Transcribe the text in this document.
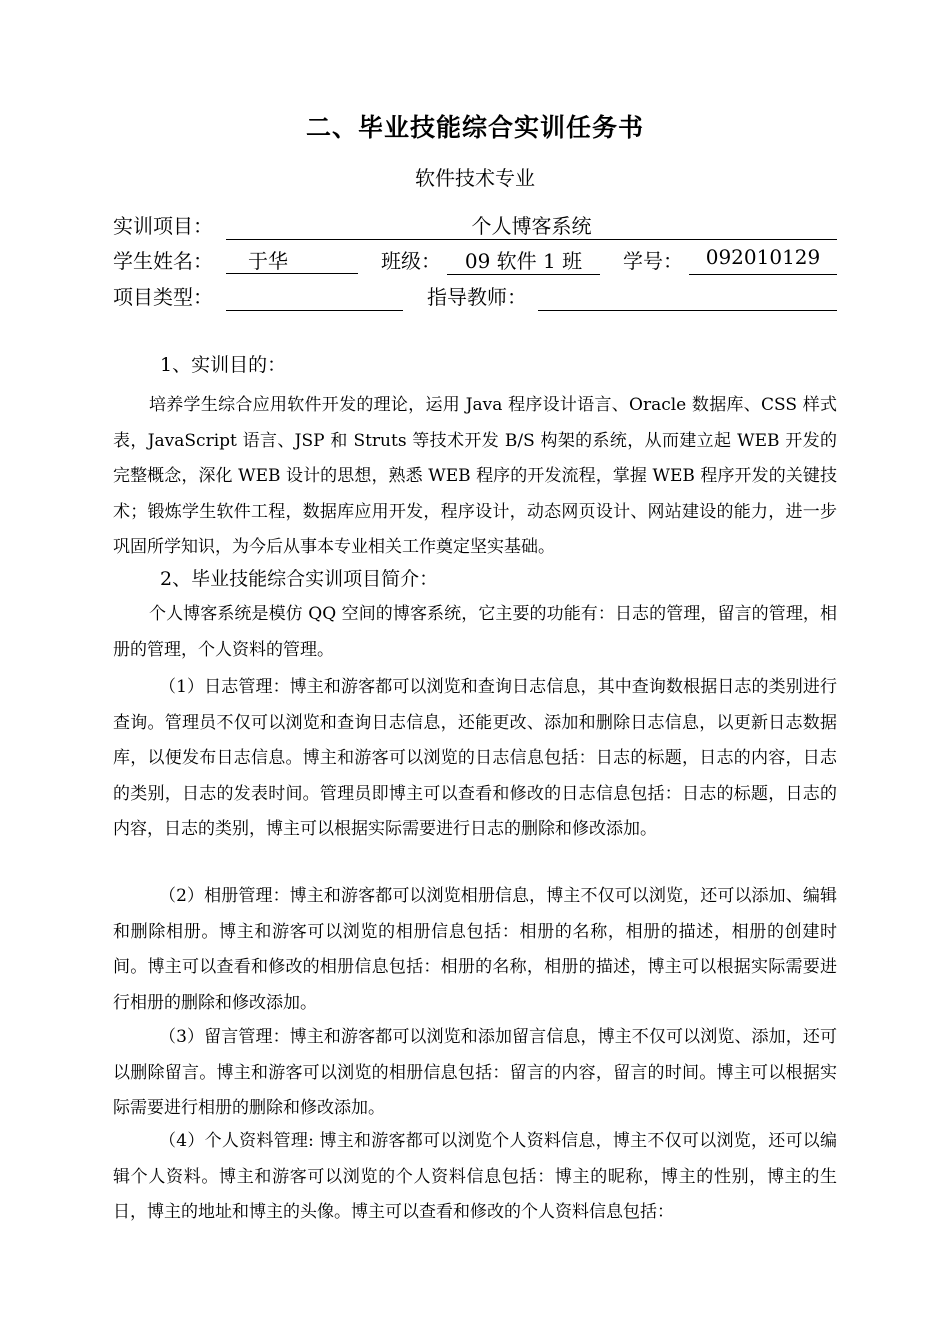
二、毕业技能综合实训任务书
软件技术专业
实训项目：	个人博客系统
学生姓名：	于华	班级：	09 软件 1 班	学号：	092010129
项目类型：	指导教师：
1、实训目的：
培养学生综合应用软件开发的理论，运用 Java 程序设计语言、Oracle 数据库、CSS 样式表，JavaScript 语言、JSP 和 Struts 等技术开发 B/S 构架的系统，从而建立起 WEB 开发的完整概念，深化 WEB 设计的思想，熟悉 WEB 程序的开发流程，掌握 WEB 程序开发的关键技术；锻炼学生软件工程，数据库应用开发，程序设计，动态网页设计、网站建设的能力，进一步巩固所学知识，为今后从事本专业相关工作奠定坚实基础。
2、毕业技能综合实训项目简介：
个人博客系统是模仿 QQ 空间的博客系统，它主要的功能有：日志的管理，留言的管理，相册的管理，个人资料的管理。
（1）日志管理：博主和游客都可以浏览和查询日志信息，其中查询数根据日志的类别进行查询。管理员不仅可以浏览和查询日志信息，还能更改、添加和删除日志信息，以更新日志数据库，以便发布日志信息。博主和游客可以浏览的日志信息包括：日志的标题，日志的内容，日志的类别，日志的发表时间。管理员即博主可以查看和修改的日志信息包括：日志的标题，日志的内容，日志的类别，博主可以根据实际需要进行日志的删除和修改添加。
（2）相册管理：博主和游客都可以浏览相册信息，博主不仅可以浏览，还可以添加、编辑和删除相册。博主和游客可以浏览的相册信息包括：相册的名称，相册的描述，相册的创建时间。博主可以查看和修改的相册信息包括：相册的名称，相册的描述，博主可以根据实际需要进行相册的删除和修改添加。
（3）留言管理：博主和游客都可以浏览和添加留言信息，博主不仅可以浏览、添加，还可以删除留言。博主和游客可以浏览的相册信息包括：留言的内容，留言的时间。博主可以根据实际需要进行相册的删除和修改添加。
（4）个人资料管理: 博主和游客都可以浏览个人资料信息，博主不仅可以浏览，还可以编辑个人资料。博主和游客可以浏览的个人资料信息包括：博主的昵称，博主的性别，博主的生日，博主的地址和博主的头像。博主可以查看和修改的个人资料信息包括：
